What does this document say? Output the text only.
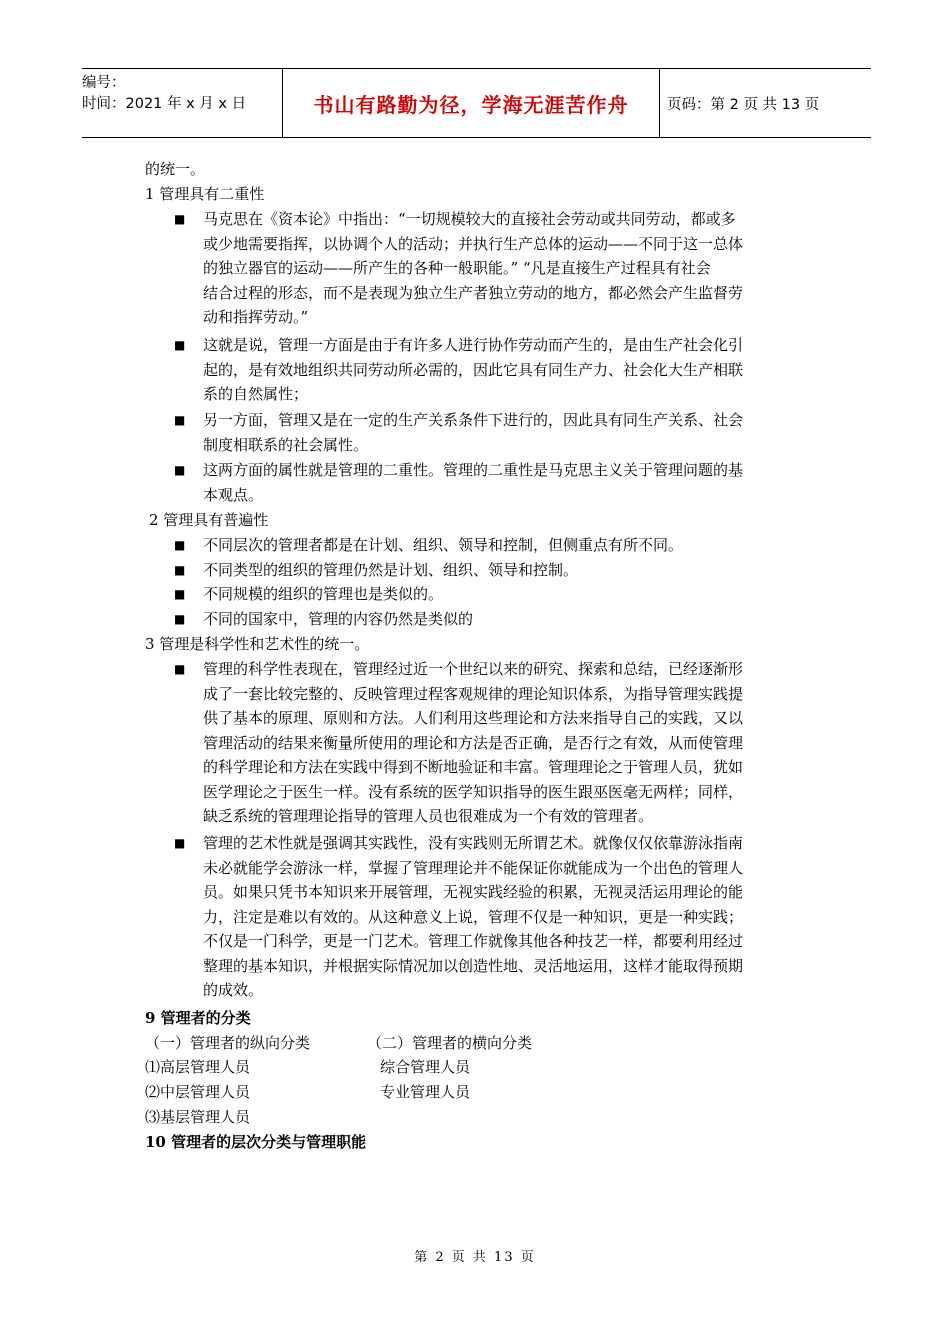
编号：
时间：2021 年 x 月 x 日	书山有路勤为径，学海无涯苦作舟	页码：第 2 页 共 13 页
的统一。
1 管理具有二重性
■ 马克思在《资本论》中指出：“一切规模较大的直接社会劳动或共同劳动，都或多
或少地需要指挥，以协调个人的活动；并执行生产总体的运动——不同于这一总体
的独立器官的运动——所产生的各种一般职能。” “凡是直接生产过程具有社会
结合过程的形态，而不是表现为独立生产者独立劳动的地方，都必然会产生监督劳
动和指挥劳动。”
■ 这就是说，管理一方面是由于有许多人进行协作劳动而产生的，是由生产社会化引
起的，是有效地组织共同劳动所必需的，因此它具有同生产力、社会化大生产相联
系的自然属性；
■ 另一方面，管理又是在一定的生产关系条件下进行的，因此具有同生产关系、社会
制度相联系的社会属性。
■ 这两方面的属性就是管理的二重性。管理的二重性是马克思主义关于管理问题的基
本观点。
2 管理具有普遍性
■ 不同层次的管理者都是在计划、组织、领导和控制，但侧重点有所不同。
■ 不同类型的组织的管理仍然是计划、组织、领导和控制。
■ 不同规模的组织的管理也是类似的。
■ 不同的国家中，管理的内容仍然是类似的
3 管理是科学性和艺术性的统一。
■ 管理的科学性表现在，管理经过近一个世纪以来的研究、探索和总结，已经逐渐形
成了一套比较完整的、反映管理过程客观规律的理论知识体系，为指导管理实践提
供了基本的原理、原则和方法。人们利用这些理论和方法来指导自己的实践，又以
管理活动的结果来衡量所使用的理论和方法是否正确，是否行之有效，从而使管理
的科学理论和方法在实践中得到不断地验证和丰富。管理理论之于管理人员，犹如
医学理论之于医生一样。没有系统的医学知识指导的医生跟巫医毫无两样；同样，
缺乏系统的管理理论指导的管理人员也很难成为一个有效的管理者。
■ 管理的艺术性就是强调其实践性，没有实践则无所谓艺术。就像仅仅依靠游泳指南
未必就能学会游泳一样，掌握了管理理论并不能保证你就能成为一个出色的管理人
员。如果只凭书本知识来开展管理，无视实践经验的积累，无视灵活运用理论的能
力，注定是难以有效的。从这种意义上说，管理不仅是一种知识，更是一种实践；
不仅是一门科学，更是一门艺术。管理工作就像其他各种技艺一样，都要利用经过
整理的基本知识，并根据实际情况加以创造性地、灵活地运用，这样才能取得预期
的成效。
9 管理者的分类
（一）管理者的纵向分类	（二）管理者的横向分类
⑴高层管理人员	综合管理人员
⑵中层管理人员	专业管理人员
⑶基层管理人员
10 管理者的层次分类与管理职能
第 2 页 共 13 页
